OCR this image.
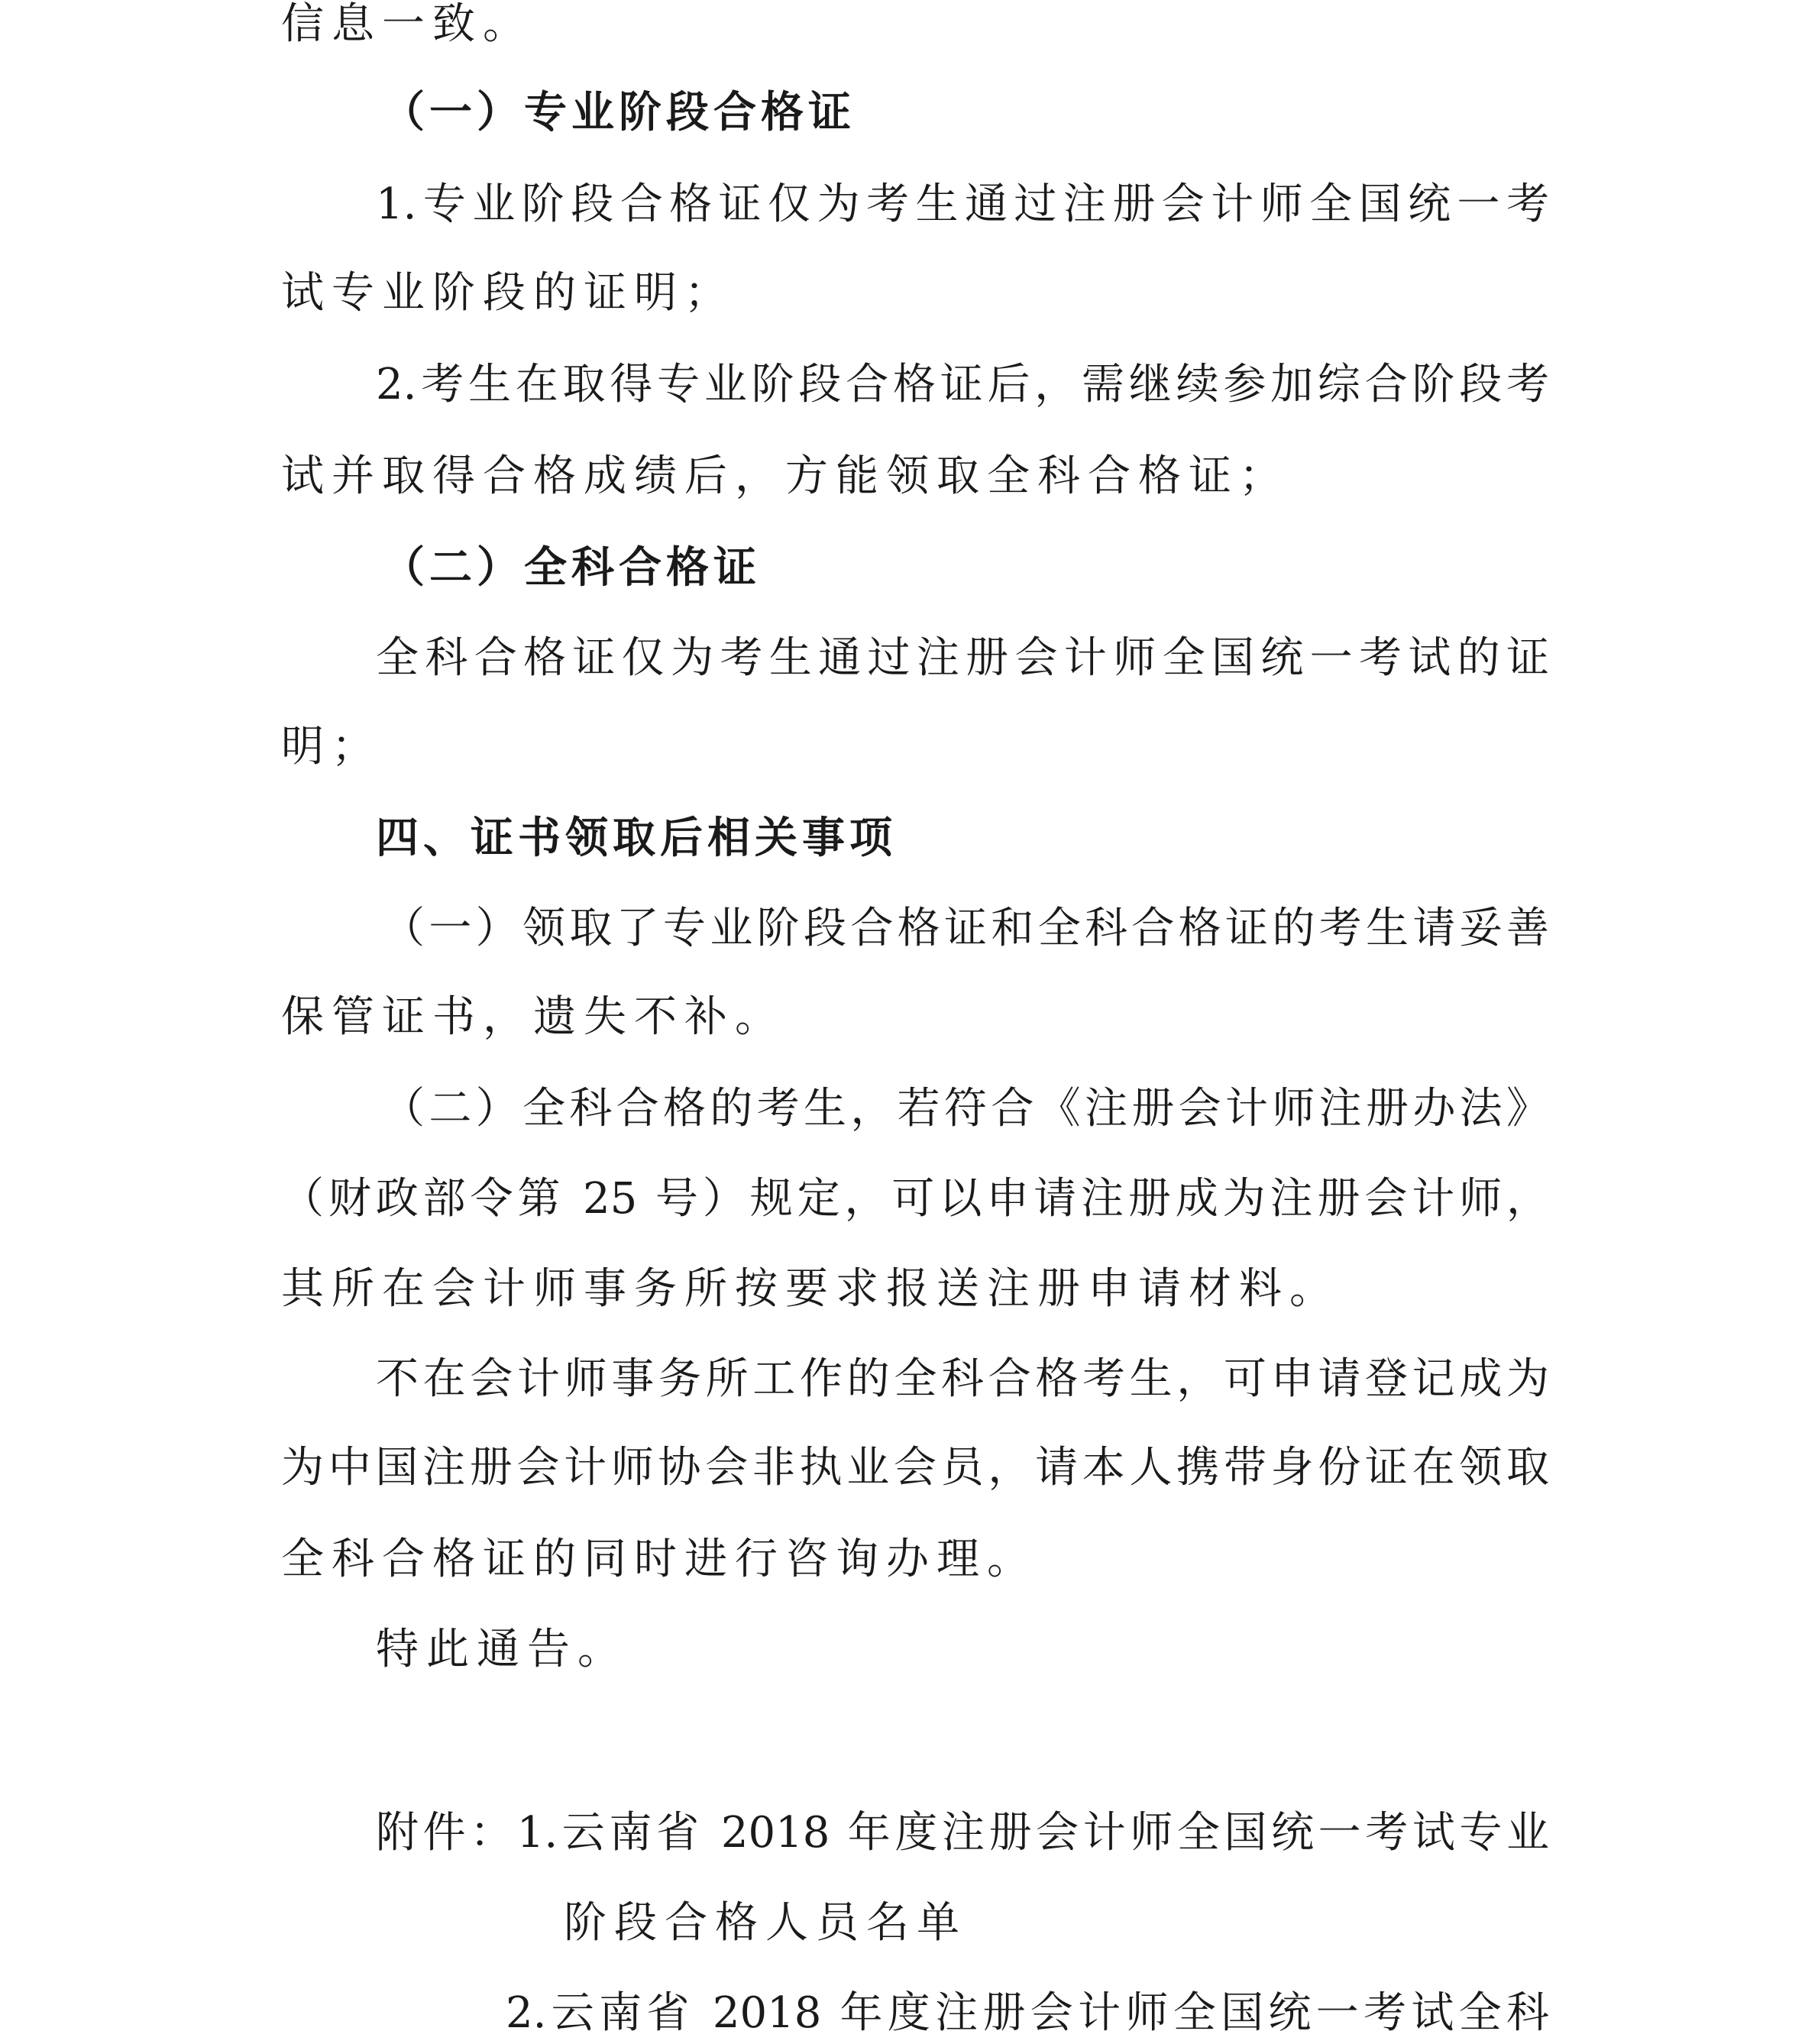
信息一致。
（一）专业阶段合格证
1.专业阶段合格证仅为考生通过注册会计师全国统一考
试专业阶段的证明；
2.考生在取得专业阶段合格证后，需继续参加综合阶段考
试并取得合格成绩后，方能领取全科合格证；
（二）全科合格证
全科合格证仅为考生通过注册会计师全国统一考试的证
明；
四、证书领取后相关事项
（一）领取了专业阶段合格证和全科合格证的考生请妥善
保管证书，遗失不补。
（二）全科合格的考生，若符合《注册会计师注册办法》
（财政部令第 25 号）规定，可以申请注册成为注册会计师，
其所在会计师事务所按要求报送注册申请材料。
不在会计师事务所工作的全科合格考生，可申请登记成为
为中国注册会计师协会非执业会员，请本人携带身份证在领取
全科合格证的同时进行咨询办理。
特此通告。
附件：1.云南省 2018 年度注册会计师全国统一考试专业
阶段合格人员名单
2.云南省 2018 年度注册会计师全国统一考试全科
